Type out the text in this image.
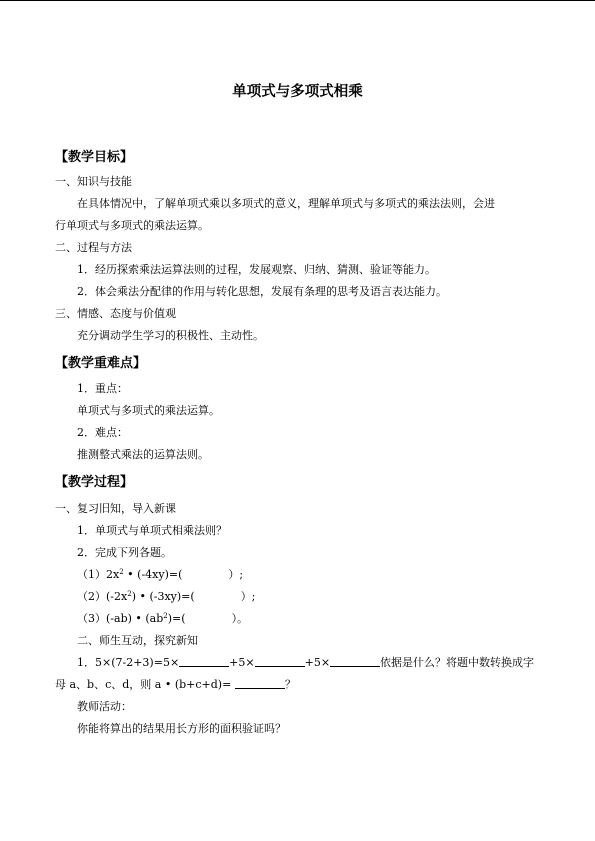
单项式与多项式相乘
【教学目标】
一、知识与技能
在具体情况中，了解单项式乘以多项式的意义，理解单项式与多项式的乘法法则，会进
行单项式与多项式的乘法运算。
二、过程与方法
1．经历探索乘法运算法则的过程，发展观察、归纳、猜测、验证等能力。
2．体会乘法分配律的作用与转化思想，发展有条理的思考及语言表达能力。
三、情感、态度与价值观
充分调动学生学习的积极性、主动性。
【教学重难点】
1．重点：
单项式与多项式的乘法运算。
2．难点：
推测整式乘法的运算法则。
【教学过程】
一、复习旧知，导入新课
1．单项式与单项式相乘法则？
2．完成下列各题。
$(1)2x^2$ • (-4xy)=(	）;
$(2)(-2x^2)$ • (-3xy)=(	）;
（3）(-ab) • $(ab^2)=$(	）。
二、师生互动，探究新知
1．5×(7-2+3)=5×	+5×	+5×	依据是什么？将题中数转换成字
母 a、b、c、d，则 a • (b+c+d)=	？
教师活动：
你能将算出的结果用长方形的面积验证吗？
